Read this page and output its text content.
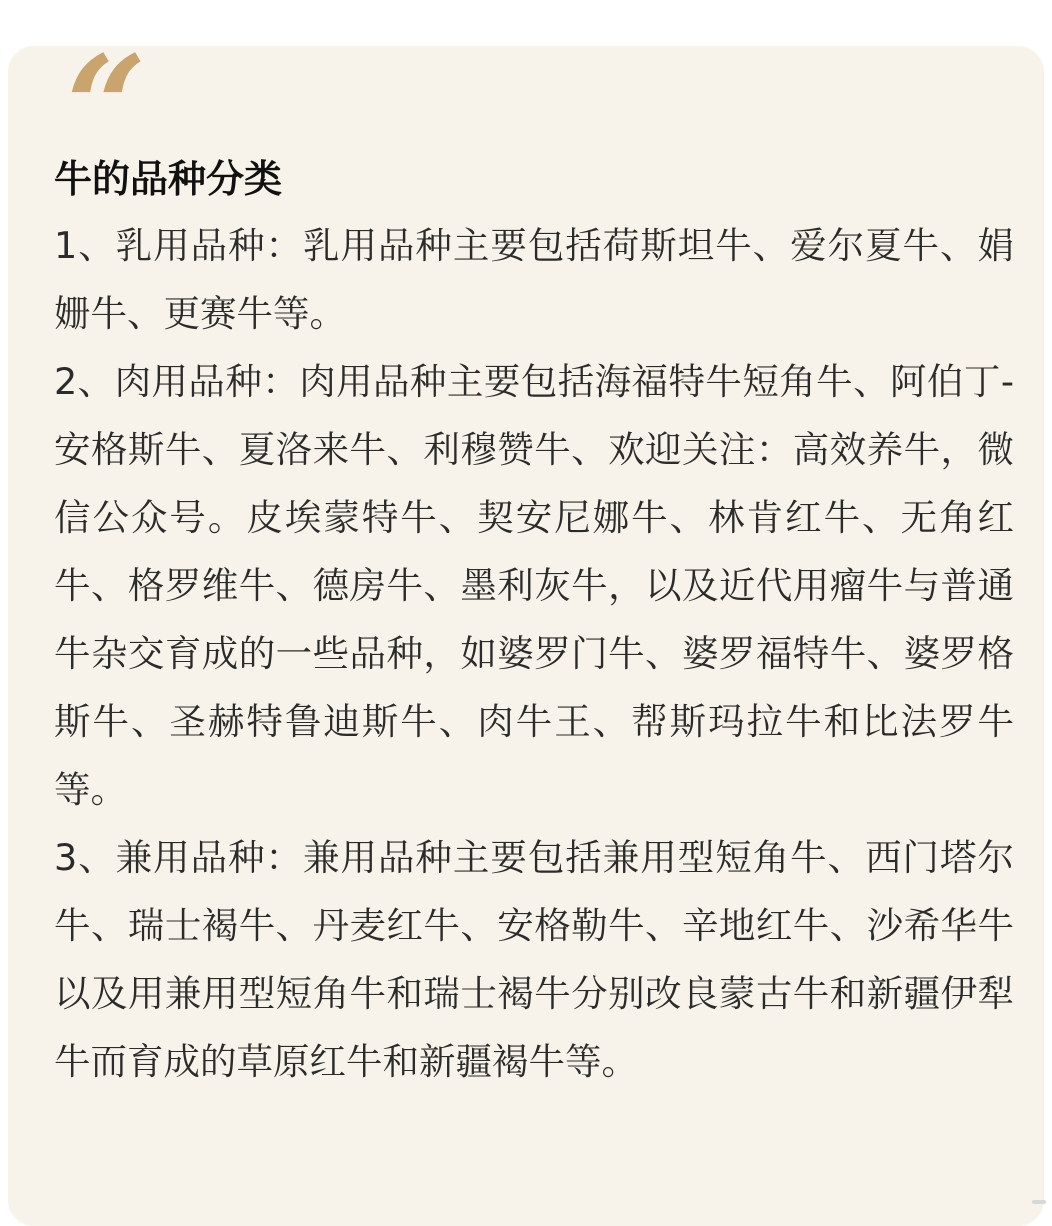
“
牛的品种分类

1、乳用品种：乳用品种主要包括荷斯坦牛、爱尔夏牛、娟姗牛、更赛牛等。

2、肉用品种：肉用品种主要包括海福特牛短角牛、阿伯丁-安格斯牛、夏洛来牛、利穆赞牛、欢迎关注：高效养牛，微信公众号。皮埃蒙特牛、契安尼娜牛、林肯红牛、无角红牛、格罗维牛、德房牛、墨利灰牛，以及近代用瘤牛与普通牛杂交育成的一些品种，如婆罗门牛、婆罗福特牛、婆罗格斯牛、圣赫特鲁迪斯牛、肉牛王、帮斯玛拉牛和比法罗牛等。

3、兼用品种：兼用品种主要包括兼用型短角牛、西门塔尔牛、瑞士褐牛、丹麦红牛、安格勒牛、辛地红牛、沙希华牛以及用兼用型短角牛和瑞士褐牛分别改良蒙古牛和新疆伊犁牛而育成的草原红牛和新疆褐牛等。
